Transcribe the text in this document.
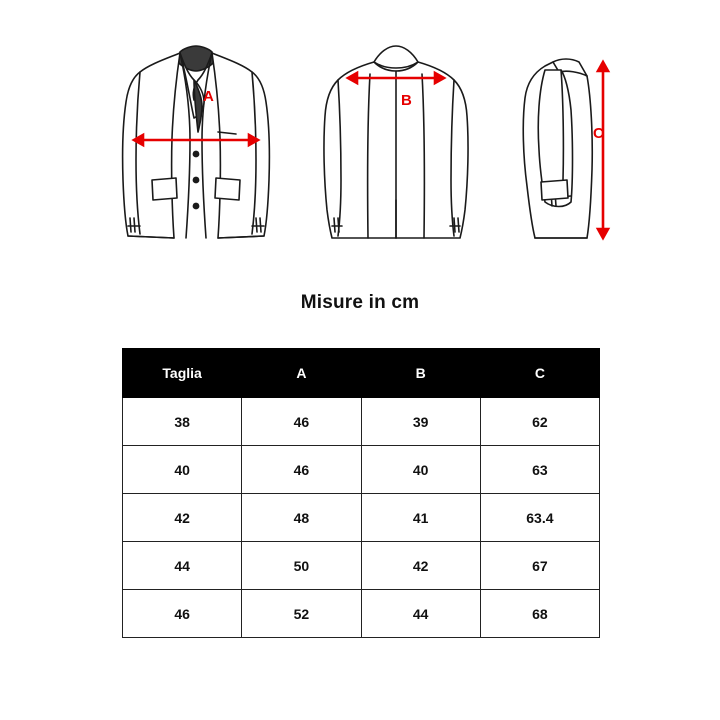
A	B
C
Misure in cm
Taglia	A	B	C
38	46	39	62
40	46	40	63
42	48	41	63.4
44	50	42	67
46	52	44	68
